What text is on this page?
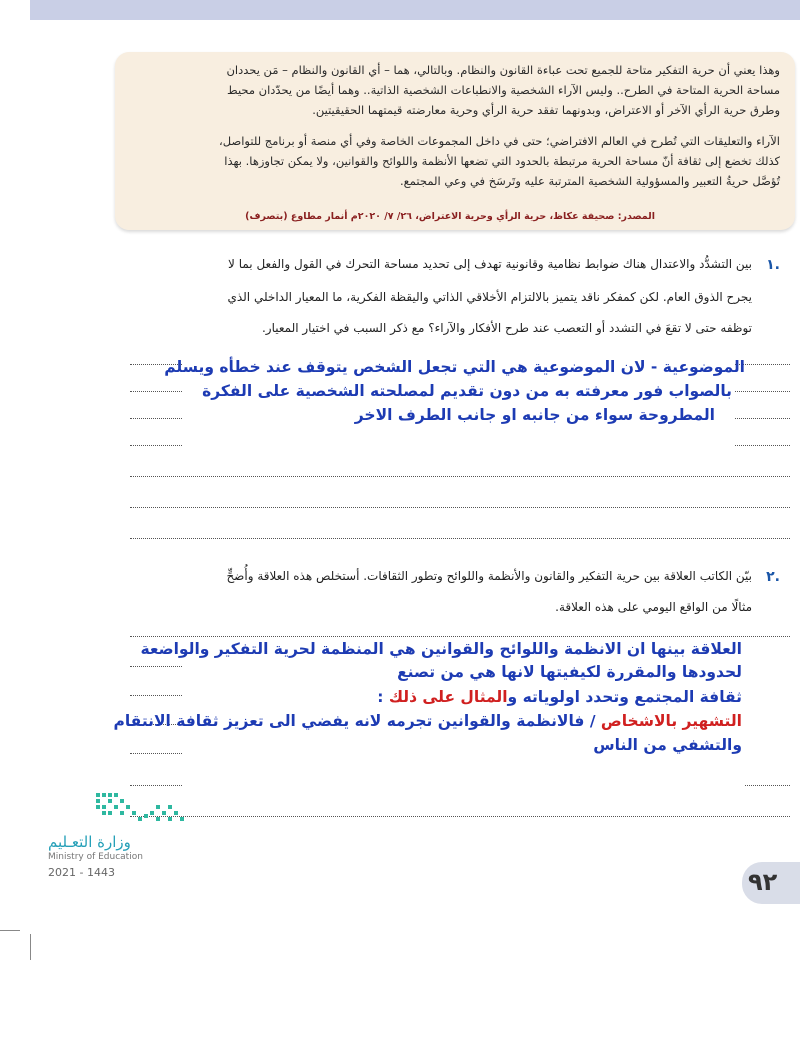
وهذا يعني أن حرية التفكير متاحة للجميع تحت عباءة القانون والنظام. وبالتالي، هما – أي القانون والنظام – مَن يحددان
مساحة الحرية المتاحة في الطرح.. وليس الآراء الشخصية والانطباعات الشخصية الذاتية.. وهما أيضًا من يحدّدان محيط
وطرق حرية الرأي الآخر أو الاعتراض، وبدونهما تفقد حرية الرأي وحرية معارضته قيمتهما الحقيقيتين.
الآراء والتعليقات التي تُطرح في العالم الافتراضي؛ حتى في داخل المجموعات الخاصة وفي أي منصة أو برنامج للتواصل،
كذلك تخضع إلى ثقافة أنّ مساحة الحرية مرتبطة بالحدود التي تضعها الأنظمة واللوائح والقوانين، ولا يمكن تجاوزها. بهذا
تُؤصَّل حريةُ التعبير والمسؤولية الشخصية المترتبة عليه وتَرسَخ في وعي المجتمع.
المصدر: صحيفة عكاظ، حرية الرأي وحرية الاعتراض، ٢٦/ ٧/ ٢٠٢٠م أنمار مطاوع (بتصرف)
١.
بين التشدُّد والاعتدال هناك ضوابط نظامية وقانونية تهدف إلى تحديد مساحة التحرك في القول والفعل بما لا
يجرح الذوق العام. لكن كمفكر ناقد يتميز بالالتزام الأخلاقي الذاتي واليقظة الفكرية، ما المعيار الداخلي الذي
توظفه حتى لا تقعَ في التشدد أو التعصب عند طرح الأفكار والآراء؟ مع ذكر السبب في اختيار المعيار.
الموضوعية - لان الموضوعية هي التي تجعل الشخص يتوقف عند خطأه ويسلم
بالصواب فور معرفته به من دون تقديم لمصلحته الشخصية على الفكرة
المطروحة سواء من جانبه او جانب الطرف الاخر
٢.
بيّن الكاتب العلاقة بين حرية التفكير والقانون والأنظمة واللوائح وتطور الثقافات. أستخلص هذه العلاقة وأُضحٍّ
مثالًا من الواقع اليومي على هذه العلاقة.
العلاقة بينها ان الانظمة واللوائح والقوانين هي المنظمة لحرية التفكير والواضعة
لحدودها والمقررة لكيفيتها لانها هي من تصنع
ثقافة المجتمع وتحدد اولوياته والمثال على ذلك :
التشهير بالاشخاص / فالانظمة والقوانين تجرمه لانه يفضي الى تعزيز ثقافة الانتقام
والتشفي من الناس
وزارة التعـليم
Ministry of Education
2021 - 1443	٩٢
